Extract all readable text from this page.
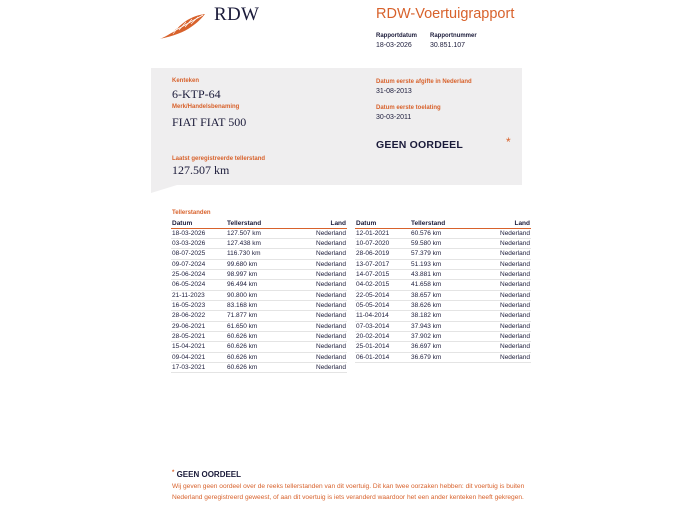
RDW	RDW-Voertuigrapport
Rapportdatum
18-03-2026
Rapportnummer
30.851.107
Kenteken
6-KTP-64
Merk/Handelsbenaming
FIAT FIAT 500
Laatst geregistreerde tellerstand
127.507 km
Datum eerste afgifte in Nederland
31-08-2013
Datum eerste toelating
30-03-2011
GEEN OORDEEL	*
Tellerstanden
Datum	Tellerstand	Land
18-03-2026	127.507 km	Nederland
03-03-2026	127.438 km	Nederland
08-07-2025	116.730 km	Nederland
09-07-2024	99.680 km	Nederland
25-06-2024	98.997 km	Nederland
06-05-2024	96.494 km	Nederland
21-11-2023	90.800 km	Nederland
16-05-2023	83.168 km	Nederland
28-06-2022	71.877 km	Nederland
29-06-2021	61.650 km	Nederland
28-05-2021	60.626 km	Nederland
15-04-2021	60.626 km	Nederland
09-04-2021	60.626 km	Nederland
17-03-2021	60.626 km	Nederland
Datum	Tellerstand	Land
12-01-2021	60.576 km	Nederland
10-07-2020	59.580 km	Nederland
28-06-2019	57.379 km	Nederland
13-07-2017	51.193 km	Nederland
14-07-2015	43.881 km	Nederland
04-02-2015	41.658 km	Nederland
22-05-2014	38.657 km	Nederland
05-05-2014	38.626 km	Nederland
11-04-2014	38.182 km	Nederland
07-03-2014	37.943 km	Nederland
20-02-2014	37.902 km	Nederland
25-01-2014	36.697 km	Nederland
06-01-2014	36.679 km	Nederland
* GEEN OORDEEL
Wij geven geen oordeel over de reeks tellerstanden van dit voertuig. Dit kan twee oorzaken hebben: dit voertuig is buiten Nederland geregistreerd geweest, of aan dit voertuig is iets veranderd waardoor het een ander kenteken heeft gekregen.
